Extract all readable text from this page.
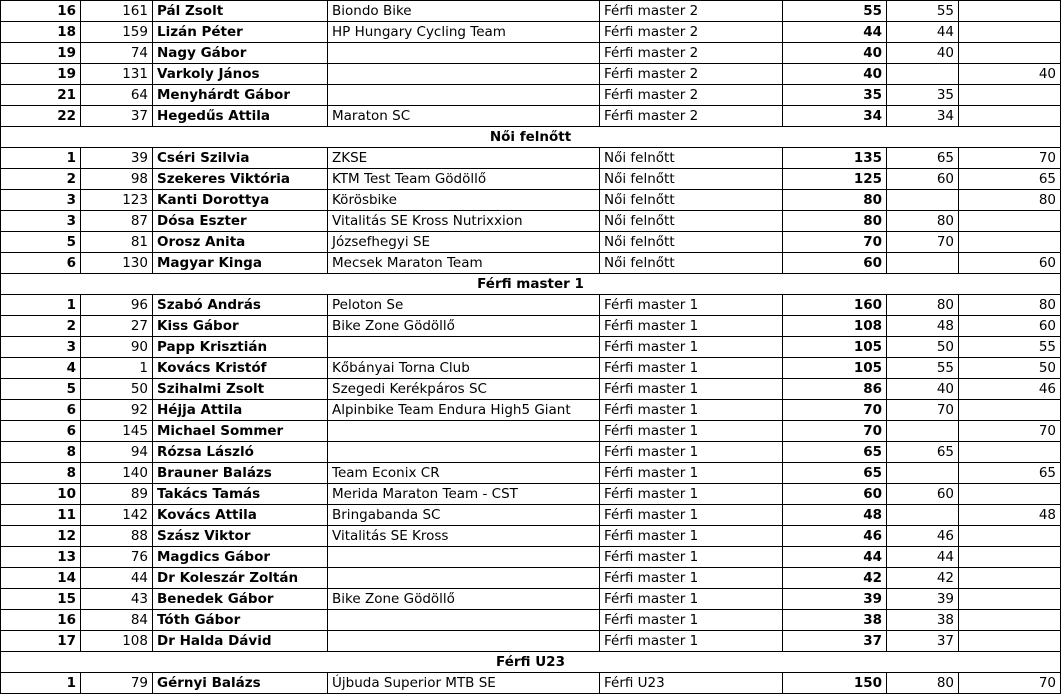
16	161	Pál Zsolt	Biondo Bike	Férfi master 2	55	55	
18	159	Lizán Péter	HP Hungary Cycling Team	Férfi master 2	44	44	
19	74	Nagy Gábor		Férfi master 2	40	40	
19	131	Varkoly János		Férfi master 2	40		40
21	64	Menyhárdt Gábor		Férfi master 2	35	35	
22	37	Hegedűs Attila	Maraton SC	Férfi master 2	34	34	
Női felnőtt							
1	39	Cséri Szilvia	ZKSE	Női felnőtt	135	65	70
2	98	Szekeres Viktória	KTM Test Team Gödöllő	Női felnőtt	125	60	65
3	123	Kanti Dorottya	Körösbike	Női felnőtt	80		80
3	87	Dósa Eszter	Vitalitás SE Kross Nutrixxion	Női felnőtt	80	80	
5	81	Orosz Anita	Józsefhegyi SE	Női felnőtt	70	70	
6	130	Magyar Kinga	Mecsek Maraton Team	Női felnőtt	60		60
Férfi master 1							
1	96	Szabó András	Peloton Se	Férfi master 1	160	80	80
2	27	Kiss Gábor	Bike Zone Gödöllő	Férfi master 1	108	48	60
3	90	Papp Krisztián		Férfi master 1	105	50	55
4	1	Kovács Kristóf	Kőbányai Torna Club	Férfi master 1	105	55	50
5	50	Szihalmi Zsolt	Szegedi Kerékpáros SC	Férfi master 1	86	40	46
6	92	Héjja Attila	Alpinbike Team Endura High5 Giant	Férfi master 1	70	70	
6	145	Michael Sommer		Férfi master 1	70		70
8	94	Rózsa László		Férfi master 1	65	65	
8	140	Brauner Balázs	Team Econix CR	Férfi master 1	65		65
10	89	Takács Tamás	Merida Maraton Team - CST	Férfi master 1	60	60	
11	142	Kovács Attila	Bringabanda SC	Férfi master 1	48		48
12	88	Szász Viktor	Vitalitás SE Kross	Férfi master 1	46	46	
13	76	Magdics Gábor		Férfi master 1	44	44	
14	44	Dr Koleszár Zoltán		Férfi master 1	42	42	
15	43	Benedek Gábor	Bike Zone Gödöllő	Férfi master 1	39	39	
16	84	Tóth Gábor		Férfi master 1	38	38	
17	108	Dr Halda Dávid		Férfi master 1	37	37	
Férfi U23							
1	79	Gérnyi Balázs	Újbuda Superior MTB SE	Férfi U23	150	80	70
